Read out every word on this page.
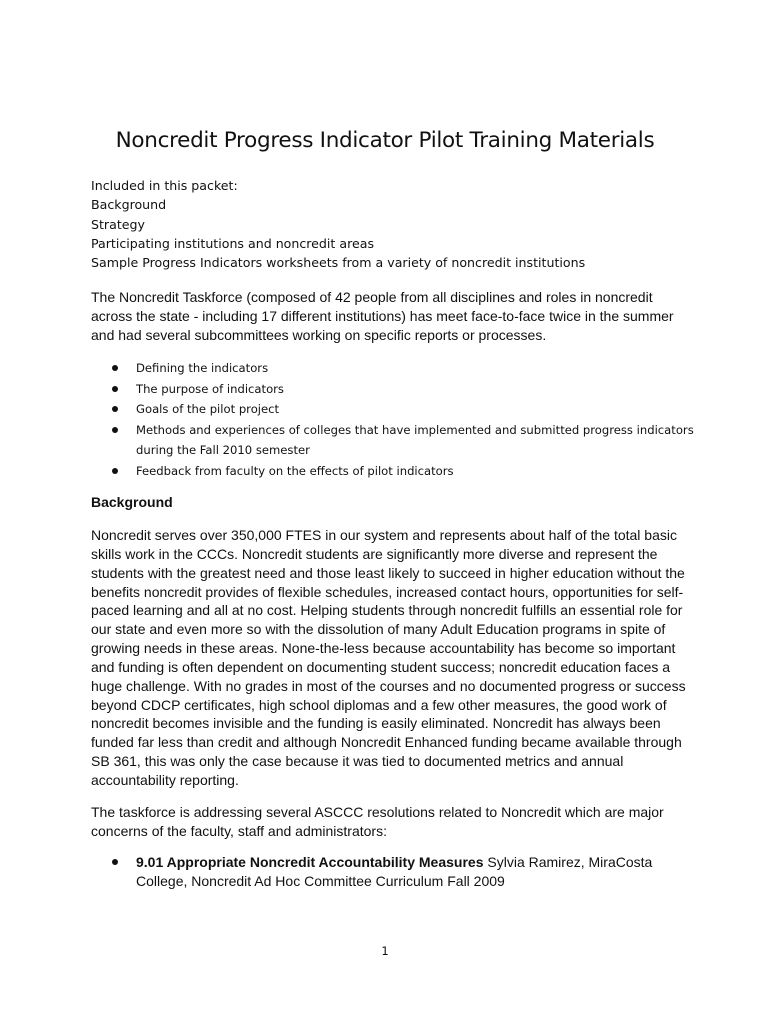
Noncredit Progress Indicator Pilot Training Materials
Included in this packet:
Background
Strategy
Participating institutions and noncredit areas
Sample Progress Indicators worksheets from a variety of noncredit institutions
The Noncredit Taskforce (composed of 42 people from all disciplines and roles in noncredit across the state - including 17 different institutions) has meet face-to-face twice in the summer and had several subcommittees working on specific reports or processes.
Defining the indicators
The purpose of indicators
Goals of the pilot project
Methods and experiences of colleges that have implemented and submitted progress indicators during the Fall 2010 semester
Feedback from faculty on the effects of pilot indicators
Background
Noncredit serves over 350,000 FTES in our system and represents about half of the total basic skills work in the CCCs. Noncredit students are significantly more diverse and represent the students with the greatest need and those least likely to succeed in higher education without the benefits noncredit provides of flexible schedules, increased contact hours, opportunities for self-paced learning and all at no cost. Helping students through noncredit fulfills an essential role for our state and even more so with the dissolution of many Adult Education programs in spite of growing needs in these areas. None-the-less because accountability has become so important and funding is often dependent on documenting student success; noncredit education faces a huge challenge. With no grades in most of the courses and no documented progress or success beyond CDCP certificates, high school diplomas and a few other measures, the good work of noncredit becomes invisible and the funding is easily eliminated. Noncredit has always been funded far less than credit and although Noncredit Enhanced funding became available through SB 361, this was only the case because it was tied to documented metrics and annual accountability reporting.
The taskforce is addressing several ASCCC resolutions related to Noncredit which are major concerns of the faculty, staff and administrators:
9.01 Appropriate Noncredit Accountability Measures Sylvia Ramirez, MiraCosta College, Noncredit Ad Hoc Committee Curriculum Fall 2009
1
